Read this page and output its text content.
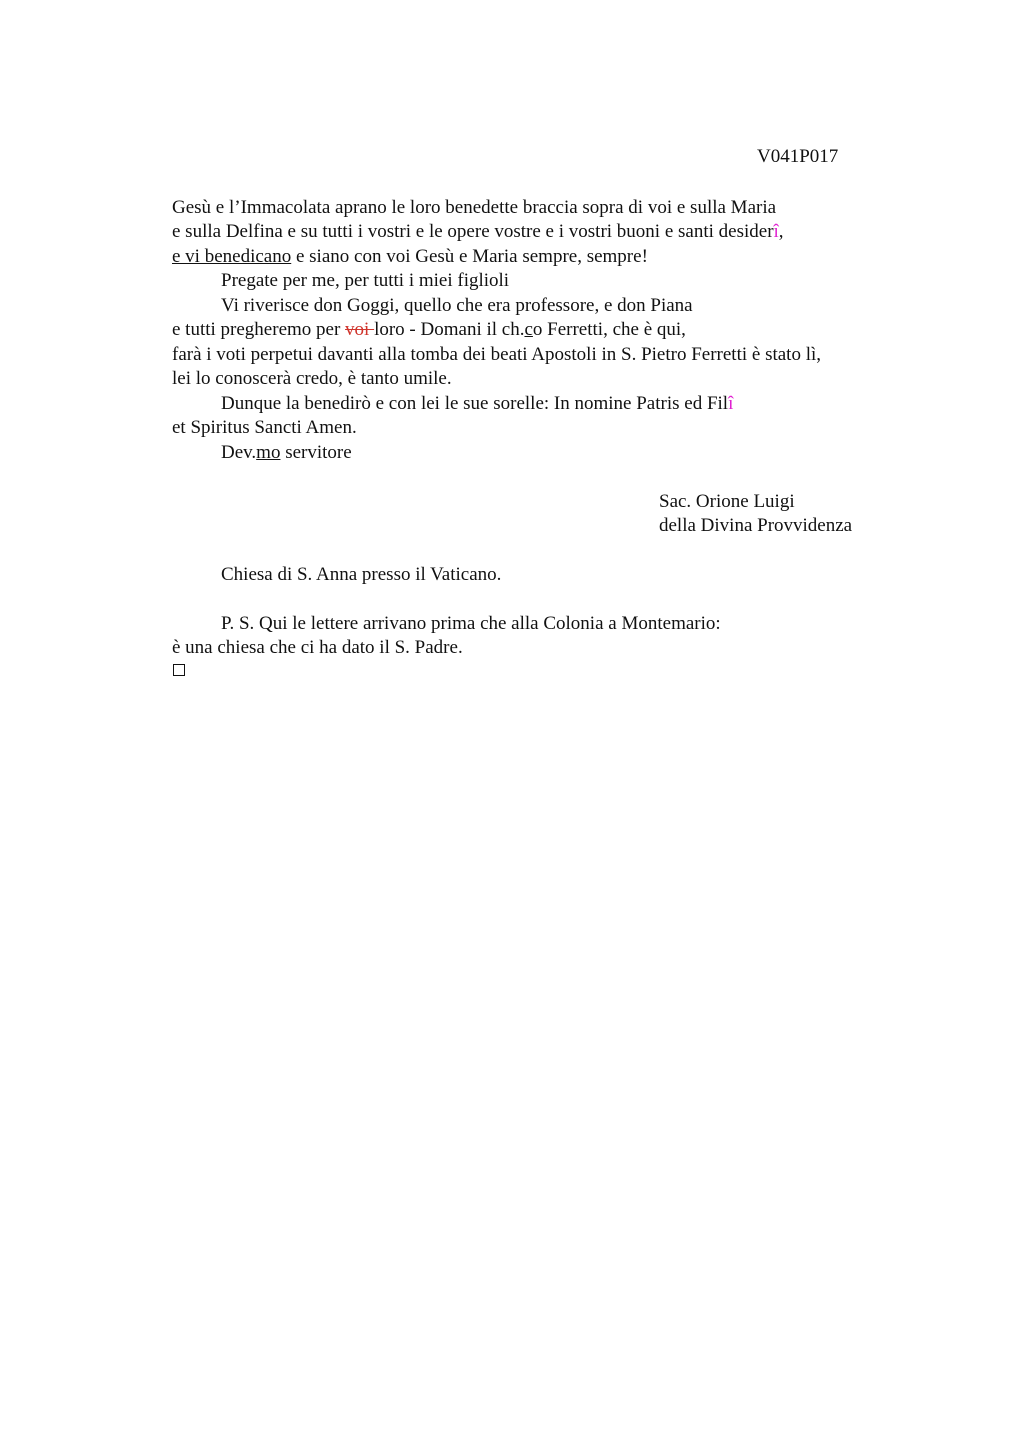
V041P017
Gesù e l’Immacolata aprano le loro benedette braccia sopra di voi e sulla Maria
e sulla Delfina e su tutti i vostri e le opere vostre e i vostri buoni e santi desiderî,
e vi benedicano e siano con voi Gesù e Maria sempre, sempre!
Pregate per me, per tutti i miei figlioli
Vi riverisce don Goggi, quello che era professore, e don Piana
e tutti pregheremo per voi loro - Domani il ch.co Ferretti, che è qui,
farà i voti perpetui davanti alla tomba dei beati Apostoli in S. Pietro Ferretti è stato lì,
lei lo conoscerà credo, è tanto umile.
Dunque la benedirò e con lei le sue sorelle: In nomine Patris ed Filî
et Spiritus Sancti Amen.
Dev.mo servitore
Sac. Orione Luigi
della Divina Provvidenza
Chiesa di S. Anna presso il Vaticano.
P. S. Qui le lettere arrivano prima che alla Colonia a Montemario:
è una chiesa che ci ha dato il S. Padre.
